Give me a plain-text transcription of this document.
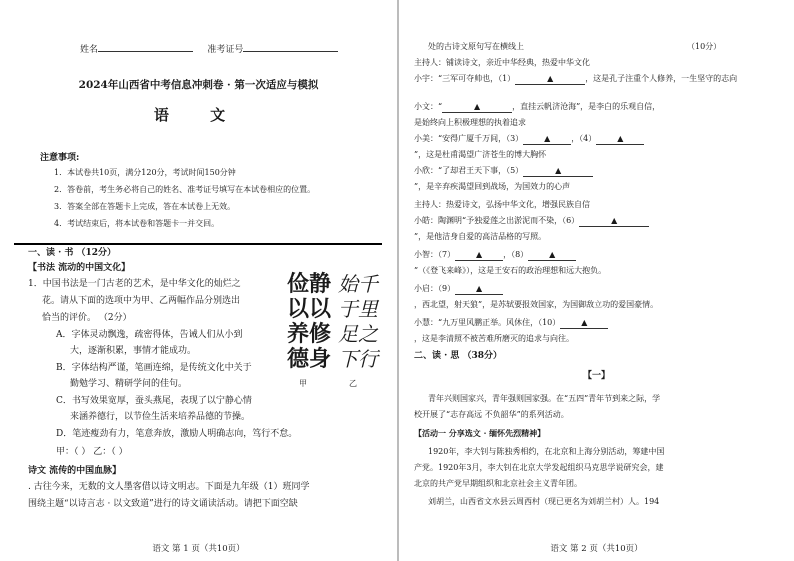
姓名	准考证号
2024年山西省中考信息冲刺卷 · 第一次适应与模拟
语 文
注意事项:
1．本试卷共10页，满分120分，考试时间150分钟
2．答卷前，考生务必将自己的姓名、准考证号填写在本试卷相应的位置。
3．答案全部在答题卡上完成，答在本试卷上无效。
4．考试结束后，将本试卷和答题卡一并交回。
一、读 · 书 （12分）
【书法 流动的中国文化】
1．中国书法是一门古老的艺术，是中华文化的灿烂之
花。请从下面的选项中为甲、乙两幅作品分别选出
恰当的评价。 （2分）
A．字体灵动飘逸，疏密得体，告诫人们从小到
大，逐渐积累，事情才能成功。
B．字体结构严谨，笔画连绵，是传统文化中关于
勤勉学习、精研学问的佳句。
C．书写效果宽厚，蚕头燕尾，表现了以宁静心情
来涵养德行，以节俭生活来培养品德的节操。
D．笔迹瘦劲有力，笔意奔放，激励人明确志向，笃行不怠。
甲：（ ） 乙：（ ）
俭静
以以
养修
德身
始千
于里
足之
下行
甲	乙
诗文 流传的中国血脉】
. 古往今来，无数的文人墨客借以诗文明志。下面是九年级（1）班同学
围绕主题“以诗言志 · 以文致道”进行的诗文诵读活动。请把下面空缺
语文 第 1 页（共10页）
处的古诗文原句写在横线上	（10分）
主持人：铺读诗文，亲近中华经典，热爱中华文化
小宇：“三军可夺帅也，（1）	▲	，这是孔子注重个人修养，一生坚守的志向
小文：“	▲	，直挂云帆济沧海”，是李白的乐观自信，
是始终向上积极理想的执着追求
小美：“安得广厦千万间，（3）	▲	，（4）	▲
”，这是杜甫渴望广济苍生的博大胸怀
小欣：“了却君王天下事，（5）	▲
”，是辛弃疾渴望回到战场，为国效力的心声
主持人：热爱诗文，弘扬中华文化，增强民族自信
小皓：陶渊明“予独爱莲之出淤泥而不染，（6）	▲
”，是他洁身自爱的高洁品格的写照。
小智：（7）	▲	，（8）	▲
”（《登飞来峰》），这是王安石的政治理想和远大抱负。
小启：（9）	▲
，西北望，射天狼”，是苏轼要报效国家，为国御敌立功的爱国豪情。
小慧：“九万里风鹏正举。风休住，（10）	▲
，这是李清照不被苦难所磨灭的追求与向往。
二、读 · 思 （38分）
【一】
青年兴则国家兴，青年强则国家强。在“五四”青年节到来之际，学
校开展了“志存高远 不负韶华”的系列活动。
【活动一 分享选文 · 缅怀先烈精神】
1920年，李大钊与陈独秀相约，在北京和上海分别活动，筹建中国
产党。1920年3月，李大钊在北京大学发起组织马克思学说研究会，建
北京的共产党早期组织和北京社会主义青年团。
刘胡兰，山西省文水县云周西村（现已更名为刘胡兰村）人。194
语文 第 2 页（共10页）
